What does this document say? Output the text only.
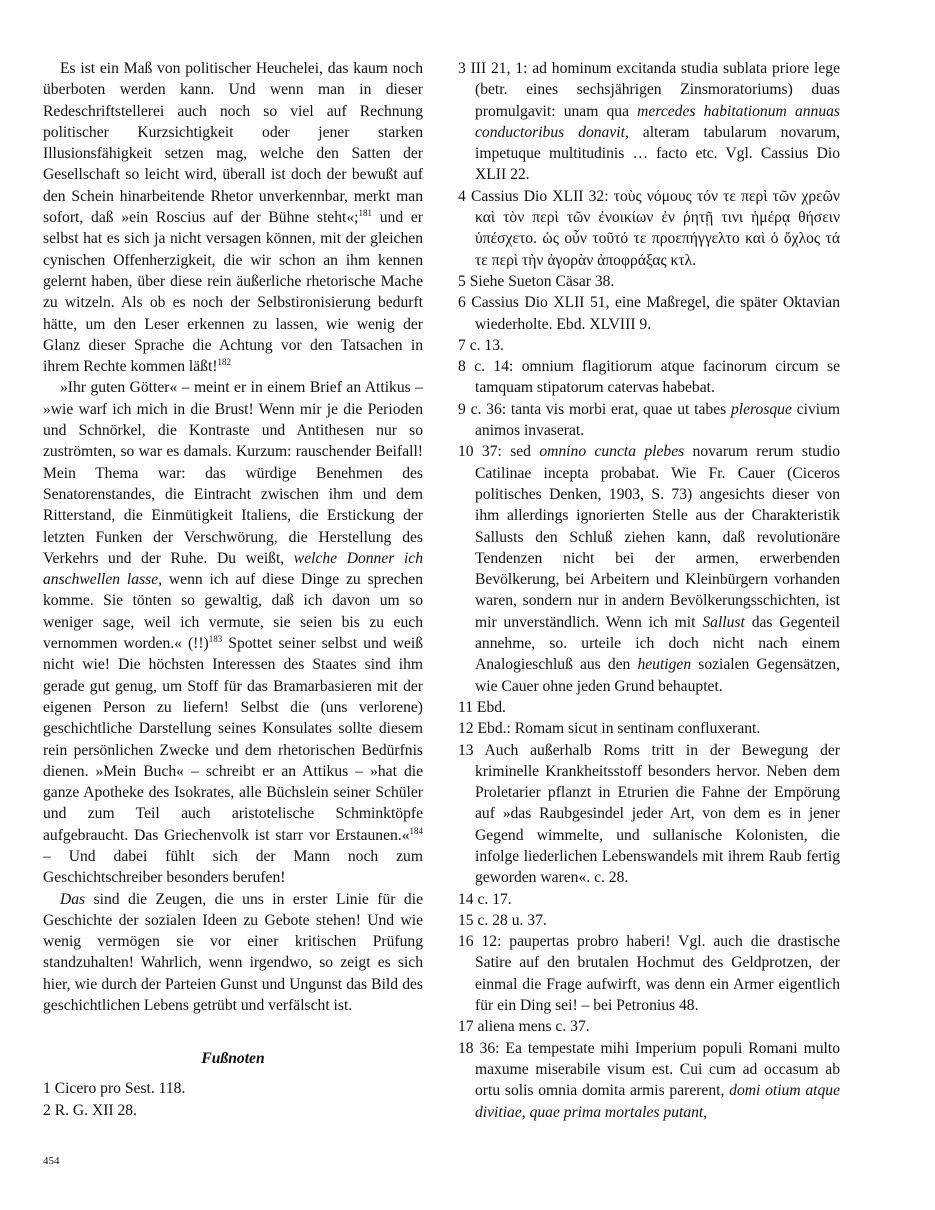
Es ist ein Maß von politischer Heuchelei, das kaum noch überboten werden kann. Und wenn man in dieser Redeschriftstellerei auch noch so viel auf Rechnung politischer Kurzsichtigkeit oder jener starken Illusionsfähigkeit setzen mag, welche den Satten der Gesellschaft so leicht wird, überall ist doch der bewußt auf den Schein hinarbeitende Rhetor unverkennbar, merkt man sofort, daß »ein Roscius auf der Bühne steht«;$^{181}$ und er selbst hat es sich ja nicht versagen können, mit der gleichen cynischen Offenherzigkeit, die wir schon an ihm kennen gelernt haben, über diese rein äußerliche rhetorische Mache zu witzeln. Als ob es noch der Selbstironisierung bedurft hätte, um den Leser erkennen zu lassen, wie wenig der Glanz dieser Sprache die Achtung vor den Tatsachen in ihrem Rechte kommen läßt!$^{182}$

»Ihr guten Götter« – meint er in einem Brief an Attikus – »wie warf ich mich in die Brust! Wenn mir je die Perioden und Schnörkel, die Kontraste und Antithesen nur so zuströmten, so war es damals. Kurzum: rauschender Beifall! Mein Thema war: das würdige Benehmen des Senatorenstandes, die Eintracht zwischen ihm und dem Ritterstand, die Einmütigkeit Italiens, die Erstickung der letzten Funken der Verschwörung, die Herstellung des Verkehrs und der Ruhe. Du weißt, welche Donner ich anschwellen lasse, wenn ich auf diese Dinge zu sprechen komme. Sie tönten so gewaltig, daß ich davon um so weniger sage, weil ich vermute, sie seien bis zu euch vernommen worden.« (!!)$^{183}$ Spottet seiner selbst und weiß nicht wie! Die höchsten Interessen des Staates sind ihm gerade gut genug, um Stoff für das Bramarbasieren mit der eigenen Person zu liefern! Selbst die (uns verlorene) geschichtliche Darstellung seines Konsulates sollte diesem rein persönlichen Zwecke und dem rhetorischen Bedürfnis dienen. »Mein Buch« – schreibt er an Attikus – »hat die ganze Apotheke des Isokrates, alle Büchslein seiner Schüler und zum Teil auch aristotelische Schminktöpfe aufgebraucht. Das Griechenvolk ist starr vor Erstaunen.«$^{184}$ – Und dabei fühlt sich der Mann noch zum Geschichtschreiber besonders berufen!

Das sind die Zeugen, die uns in erster Linie für die Geschichte der sozialen Ideen zu Gebote stehen! Und wie wenig vermögen sie vor einer kritischen Prüfung standzuhalten! Wahrlich, wenn irgendwo, so zeigt es sich hier, wie durch der Parteien Gunst und Ungunst das Bild des geschichtlichen Lebens getrübt und verfälscht ist.

Fußnoten

1 Cicero pro Sest. 118.

2 R. G. XII 28.

454

3 III 21, 1: ad hominum excitanda studia sublata priore lege (betr. eines sechsjährigen Zinsmoratoriums) duas promulgavit: unam qua mercedes habitationum annuas conductoribus donavit, alteram tabularum novarum, impetuque multitudinis … facto etc. Vgl. Cassius Dio XLII 22.

4 Cassius Dio XLII 32: τοὺς νόμους τόν τε περὶ τῶν χρεῶν καὶ τὸν περὶ τῶν ἐνοικίων ἐν ῥητῇ τινι ἡμέρᾳ θήσειν ὑπέσχετο. ὡς οὖν τοῦτό τε προεπήγγελτο καὶ ὁ ὄχλος τά τε περὶ τὴν ἀγορὰν ἀποφράξας κτλ.

5 Siehe Sueton Cäsar 38.

6 Cassius Dio XLII 51, eine Maßregel, die später Oktavian wiederholte. Ebd. XLVIII 9.

7 c. 13.

8 c. 14: omnium flagitiorum atque facinorum circum se tamquam stipatorum catervas habebat.

9 c. 36: tanta vis morbi erat, quae ut tabes plerosque civium animos invaserat.

10 37: sed omnino cuncta plebes novarum rerum studio Catilinae incepta probabat. Wie Fr. Cauer (Ciceros politisches Denken, 1903, S. 73) angesichts dieser von ihm allerdings ignorierten Stelle aus der Charakteristik Sallusts den Schluß ziehen kann, daß revolutionäre Tendenzen nicht bei der armen, erwerbenden Bevölkerung, bei Arbeitern und Kleinbürgern vorhanden waren, sondern nur in andern Bevölkerungsschichten, ist mir unverständlich. Wenn ich mit Sallust das Gegenteil annehme, so. urteile ich doch nicht nach einem Analogieschluß aus den heutigen sozialen Gegensätzen, wie Cauer ohne jeden Grund behauptet.

11 Ebd.

12 Ebd.: Romam sicut in sentinam confluxerant.

13 Auch außerhalb Roms tritt in der Bewegung der kriminelle Krankheitsstoff besonders hervor. Neben dem Proletarier pflanzt in Etrurien die Fahne der Empörung auf »das Raubgesindel jeder Art, von dem es in jener Gegend wimmelte, und sullanische Kolonisten, die infolge liederlichen Lebenswandels mit ihrem Raub fertig geworden waren«. c. 28.

14 c. 17.

15 c. 28 u. 37.

16 12: paupertas probro haberi! Vgl. auch die drastische Satire auf den brutalen Hochmut des Geldprotzen, der einmal die Frage aufwirft, was denn ein Armer eigentlich für ein Ding sei! – bei Petronius 48.

17 aliena mens c. 37.

18 36: Ea tempestate mihi Imperium populi Romani multo maxume miserabile visum est. Cui cum ad occasum ab ortu solis omnia domita armis parerent, domi otium atque divitiae, quae prima mortales putant,
